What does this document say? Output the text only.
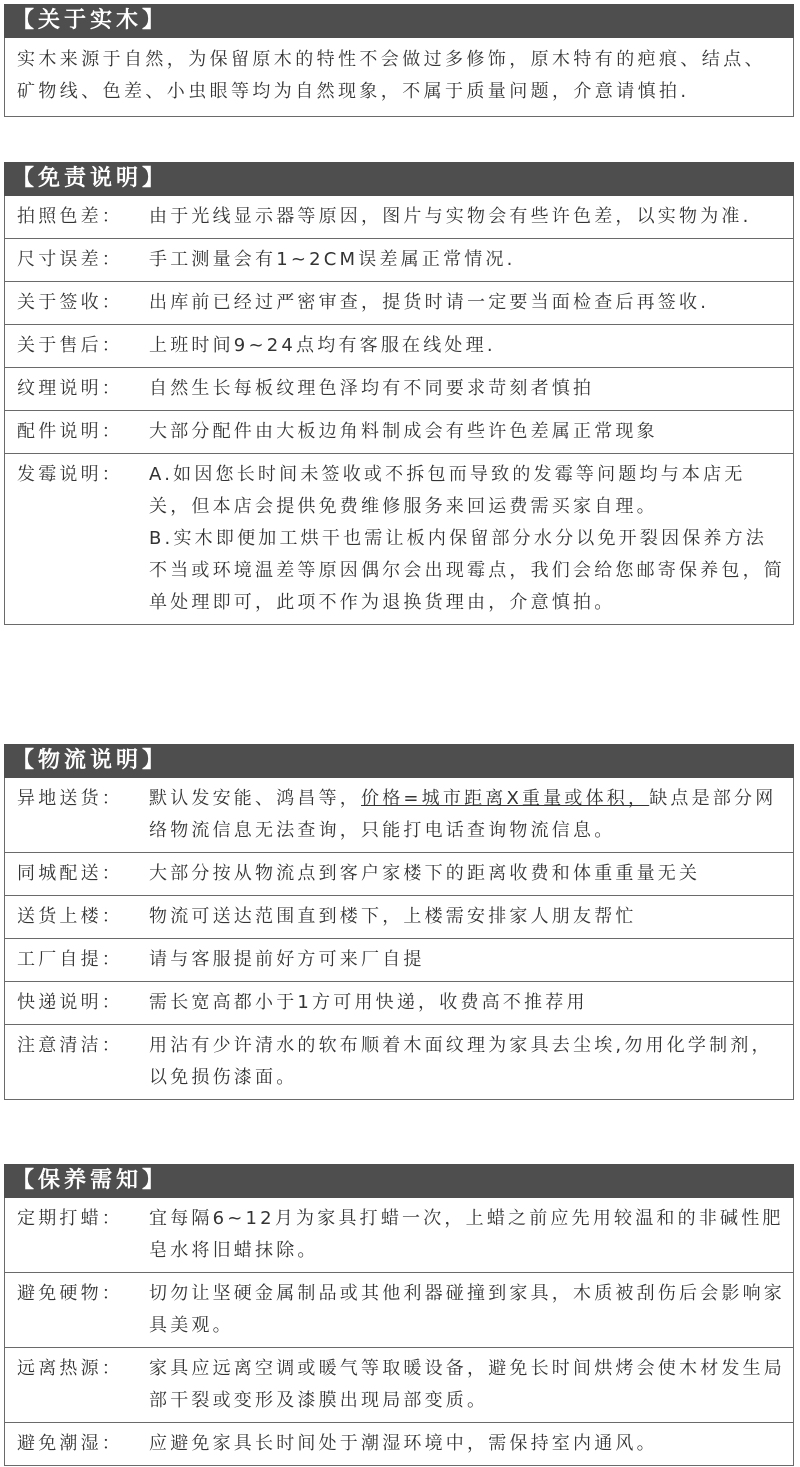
【关于实木】
实木来源于自然，为保留原木的特性不会做过多修饰，原木特有的疤痕、结点、矿物线、色差、小虫眼等均为自然现象，不属于质量问题，介意请慎拍.
【免责说明】
拍照色差：	由于光线显示器等原因，图片与实物会有些许色差，以实物为准.

尺寸误差：	手工测量会有1~2CM误差属正常情况.

关于签收：	出库前已经过严密审查，提货时请一定要当面检查后再签收.

关于售后：	上班时间9~24点均有客服在线处理.

纹理说明：	自然生长每板纹理色泽均有不同要求苛刻者慎拍

配件说明：	大部分配件由大板边角料制成会有些许色差属正常现象

发霉说明：	A.如因您长时间未签收或不拆包而导致的发霉等问题均与本店无关，但本店会提供免费维修服务来回运费需买家自理。

B.实木即便加工烘干也需让板内保留部分水分以免开裂因保养方法不当或环境温差等原因偶尔会出现霉点，我们会给您邮寄保养包，简单处理即可，此项不作为退换货理由，介意慎拍。

【物流说明】
异地送货：	默认发安能、鸿昌等，价格=城市距离X重量或体积，缺点是部分网络物流信息无法查询，只能打电话查询物流信息。

同城配送：	大部分按从物流点到客户家楼下的距离收费和体重重量无关

送货上楼：	物流可送达范围直到楼下，上楼需安排家人朋友帮忙

工厂自提：	请与客服提前好方可来厂自提

快递说明：	需长宽高都小于1方可用快递，收费高不推荐用

注意清洁：	用沾有少许清水的软布顺着木面纹理为家具去尘埃,勿用化学制剂，以免损伤漆面。

【保养需知】
定期打蜡：	宜每隔6~12月为家具打蜡一次，上蜡之前应先用较温和的非碱性肥皂水将旧蜡抹除。

避免硬物：	切勿让坚硬金属制品或其他利器碰撞到家具，木质被刮伤后会影响家具美观。

远离热源：	家具应远离空调或暖气等取暖设备，避免长时间烘烤会使木材发生局部干裂或变形及漆膜出现局部变质。

避免潮湿：	应避免家具长时间处于潮湿环境中，需保持室内通风。
